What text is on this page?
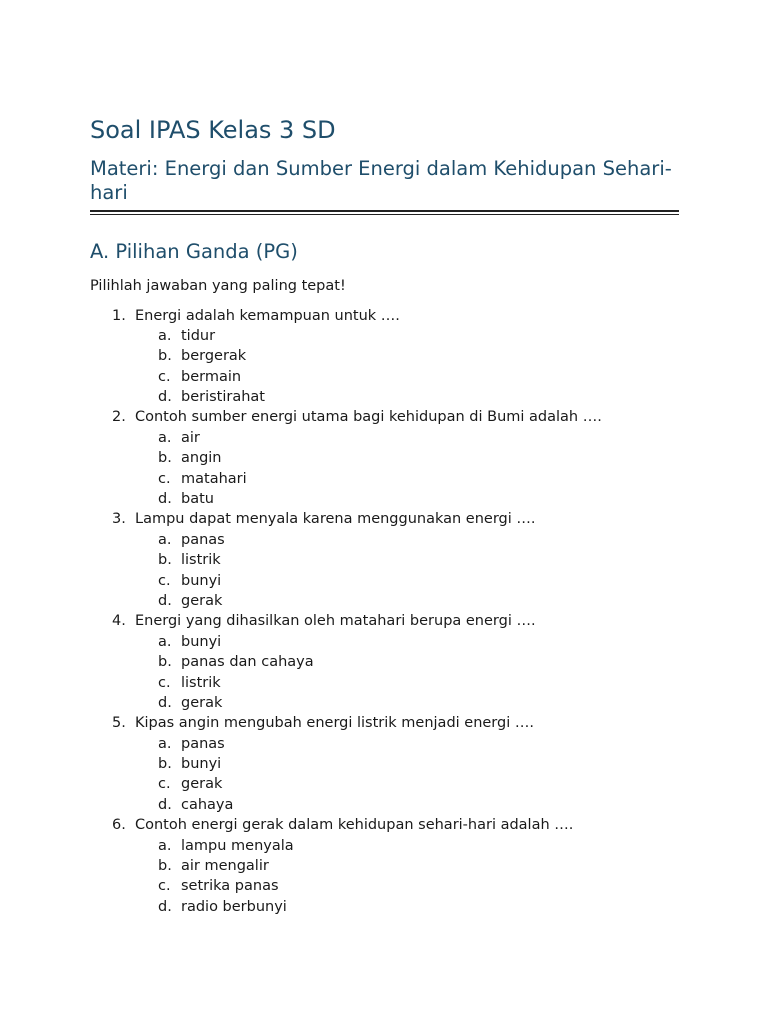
Soal IPAS Kelas 3 SD
Materi: Energi dan Sumber Energi dalam Kehidupan Sehari-hari
A. Pilihan Ganda (PG)
Pilihlah jawaban yang paling tepat!
1. Energi adalah kemampuan untuk ….
a. tidur
b. bergerak
c. bermain
d. beristirahat
2. Contoh sumber energi utama bagi kehidupan di Bumi adalah ….
a. air
b. angin
c. matahari
d. batu
3. Lampu dapat menyala karena menggunakan energi ….
a. panas
b. listrik
c. bunyi
d. gerak
4. Energi yang dihasilkan oleh matahari berupa energi ….
a. bunyi
b. panas dan cahaya
c. listrik
d. gerak
5. Kipas angin mengubah energi listrik menjadi energi ….
a. panas
b. bunyi
c. gerak
d. cahaya
6. Contoh energi gerak dalam kehidupan sehari-hari adalah ….
a. lampu menyala
b. air mengalir
c. setrika panas
d. radio berbunyi
